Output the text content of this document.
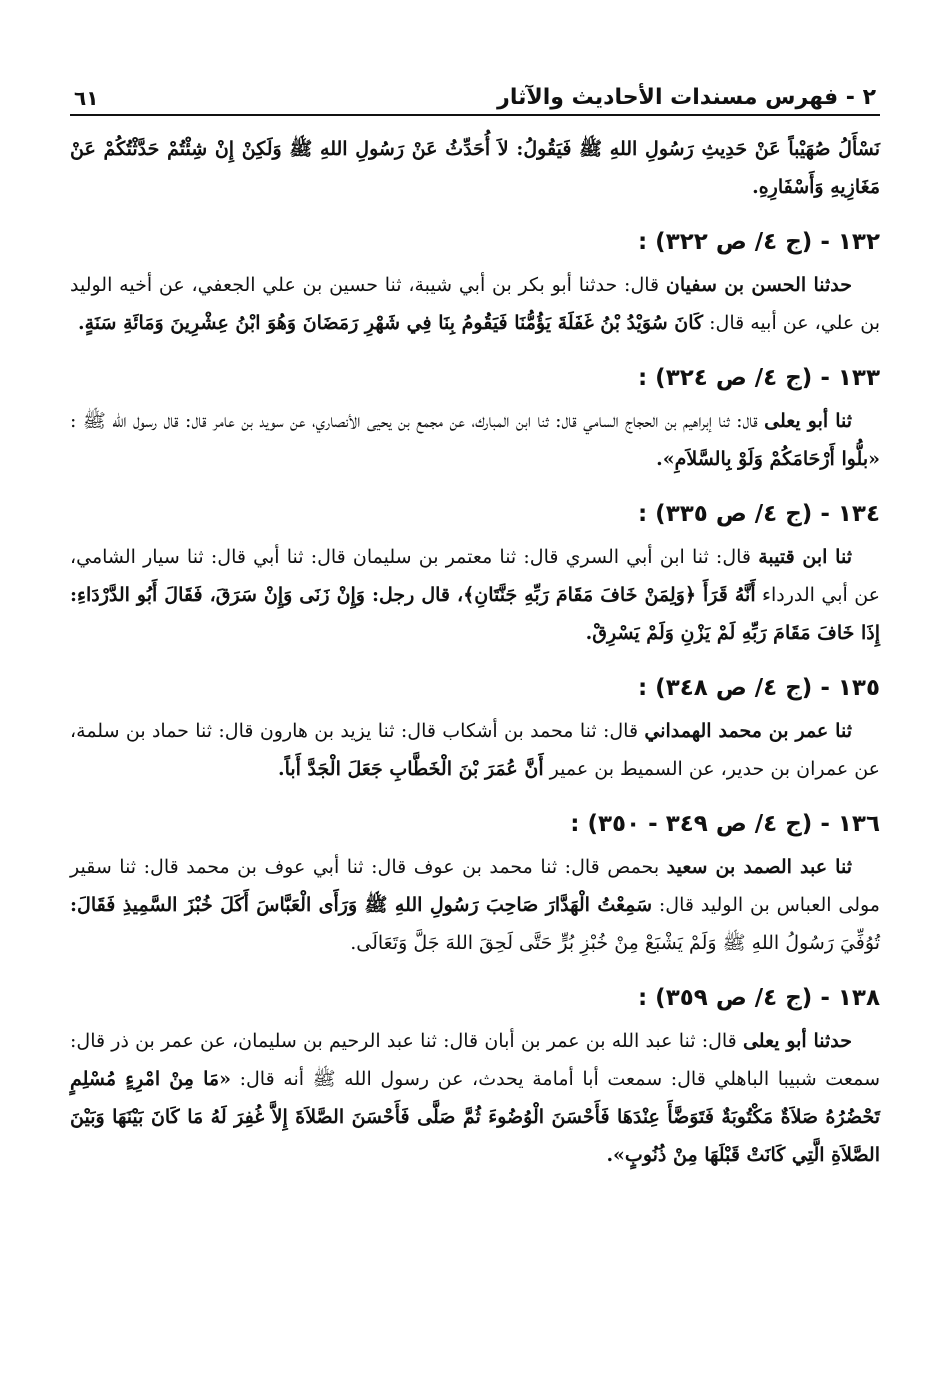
٢ - فهرس مسندات الأحاديث والآثار
٦١

نَسْأَلُ صُهَيْباً عَنْ حَدِيثِ رَسُولِ اللهِ ﷺ فَيَقُولُ: لاَ أُحَدِّثُ عَنْ رَسُولِ اللهِ ﷺ وَلَكِنْ إِنْ شِئْتُمْ حَدَّثْتُكُمْ عَنْ مَغَازِيهِ وَأَسْفَارِهِ.

١٣٢ - (ج ٤/ ص ٣٢٢) :

حدثنا الحسن بن سفيان قال: حدثنا أبو بكر بن أبي شيبة، ثنا حسين بن علي الجعفي، عن أخيه الوليد بن علي، عن أبيه قال: كَانَ سُوَيْدُ بْنُ غَفَلَةَ يَؤُمُّنَا فَيَقُومُ بِنَا فِي شَهْرِ رَمَضَانَ وَهُوَ ابْنُ عِشْرِينَ وَمَائَةِ سَنَةٍ.

١٣٣ - (ج ٤/ ص ٣٢٤) :

ثنا أبو يعلى قال: ثنا إبراهيم بن الحجاج السامي قال: ثنا ابن المبارك، عن مجمع بن يحيى الأنصاري، عن سويد بن عامر قال: قال رسول الله ﷺ : «بلُّوا أَرْحَامَكُمْ وَلَوْ بِالسَّلاَمِ».

١٣٤ - (ج ٤/ ص ٣٣٥) :

ثنا ابن قتيبة قال: ثنا ابن أبي السري قال: ثنا معتمر بن سليمان قال: ثنا أبي قال: ثنا سيار الشامي، عن أبي الدرداء أَنَّهُ قَرَأَ ﴿وَلِمَنْ خَافَ مَقَامَ رَبِّهِ جَنَّتَانِ﴾، قال رجل: وَإِنْ زَنَى وَإِنْ سَرَقَ، فَقَالَ أَبُو الدَّرْدَاءِ: إِذَا خَافَ مَقَامَ رَبِّهِ لَمْ يَزْنِ وَلَمْ يَسْرِقْ.

١٣٥ - (ج ٤/ ص ٣٤٨) :

ثنا عمر بن محمد الهمداني قال: ثنا محمد بن أشكاب قال: ثنا يزيد بن هارون قال: ثنا حماد بن سلمة، عن عمران بن حدير، عن السميط بن عمير أَنَّ عُمَرَ بْنَ الْخَطَّابِ جَعَلَ الْجَدَّ أَباً.

١٣٦ - (ج ٤/ ص ٣٤٩ - ٣٥٠) :

ثنا عبد الصمد بن سعيد بحمص قال: ثنا محمد بن عوف قال: ثنا أبي عوف بن محمد قال: ثنا سقير مولى العباس بن الوليد قال: سَمِعْتُ الْهَدَّارَ صَاحِبَ رَسُولِ اللهِ ﷺ وَرَأَى الْعَبَّاسَ أَكَلَ خُبْزَ السَّمِيذِ فَقَالَ: تُوُفِّيَ رَسُولُ اللهِ ﷺ وَلَمْ يَشْبَعْ مِنْ خُبْزِ بُرٍّ حَتَّى لَحِقَ اللهَ جَلَّ وَتَعَالَى.

١٣٨ - (ج ٤/ ص ٣٥٩) :

حدثنا أبو يعلى قال: ثنا عبد الله بن عمر بن أبان قال: ثنا عبد الرحيم بن سليمان، عن عمر بن ذر قال: سمعت شبيبا الباهلي قال: سمعت أبا أمامة يحدث، عن رسول الله ﷺ أنه قال: «مَا مِنْ امْرِءٍ مُسْلِمٍ تَحْضُرُهُ صَلاَةٌ مَكْتُوبَةٌ فَتَوَضَّأَ عِنْدَهَا فَأَحْسَنَ الْوُضُوءَ ثُمَّ صَلَّى فَأَحْسَنَ الصَّلاَةَ إِلاَّ غُفِرَ لَهُ مَا كَانَ بَيْنَهَا وَبَيْنَ الصَّلاَةِ الَّتِي كَانَتْ قَبْلَهَا مِنْ ذُنُوبٍ».
